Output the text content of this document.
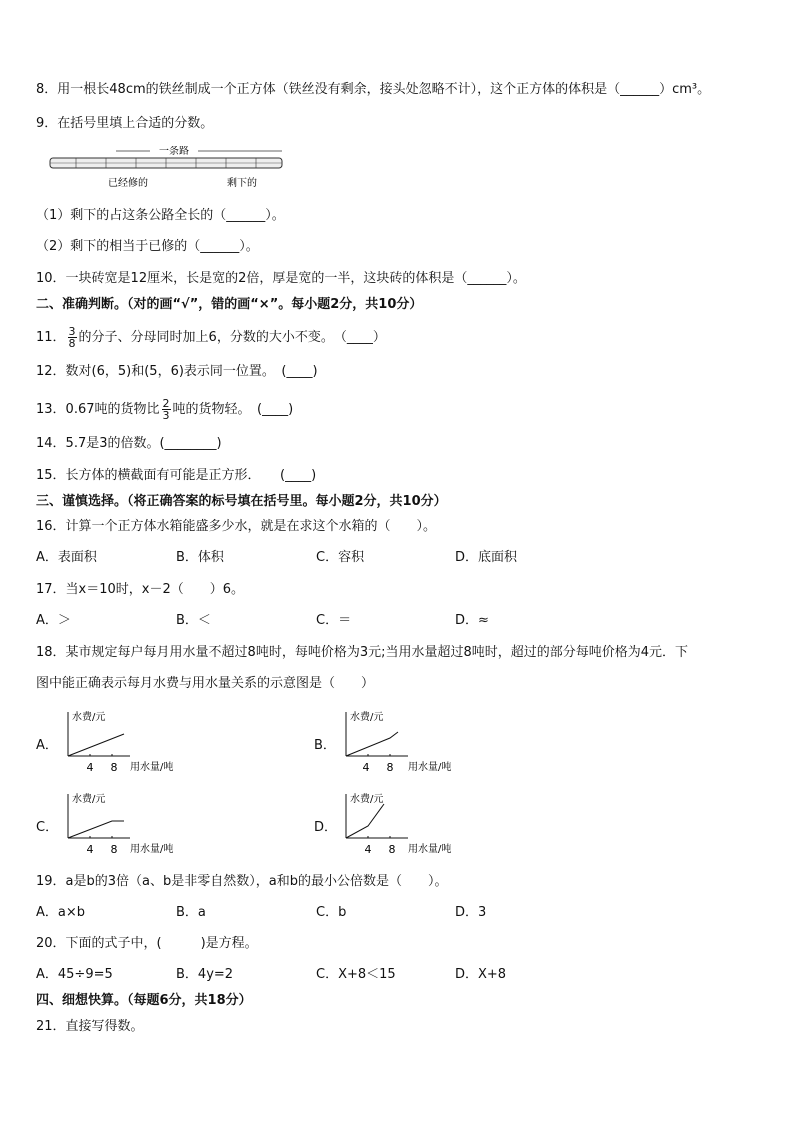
8．用一根长48cm的铁丝制成一个正方体（铁丝没有剩余，接头处忽略不计），这个正方体的体积是（______）cm³。
9．在括号里填上合适的分数。
一条路
已经修的	剩下的
（1）剩下的占这条公路全长的（______）。
（2）剩下的相当于已修的（______）。
10．一块砖宽是12厘米，长是宽的2倍，厚是宽的一半，这块砖的体积是（______）。
二、准确判断。（对的画“√”，错的画“×”。每小题2分，共10分）
11． $\frac{3}{8}$ 的分子、分母同时加上6，分数的大小不变。　（____）
12．数对(6，5)和(5，6)表示同一位置。　(____)
13．0.67吨的货物比 $\frac{2}{3}$ 吨的货物轻。　(____)
14．5.7是3的倍数。(________)
15．长方体的横截面有可能是正方形．　　(____)
三、谨慎选择。（将正确答案的标号填在括号里。每小题2分，共10分）
16．计算一个正方体水箱能盛多少水，就是在求这个水箱的（　　）。
A．表面积	B．体积	C．容积	D．底面积
17．当x＝10时，x－2（　　）6。
A．＞	B．＜	C．＝	D．≈
18．某市规定每户每月用水量不超过8吨时，每吨价格为3元;当用水量超过8吨时，超过的部分每吨价格为4元．下
图中能正确表示每月水费与用水量关系的示意图是（　　）
A．
水费/元
4 8 用水量/吨
B．
水费/元
4 8 用水量/吨
C．
水费/元
4 8 用水量/吨
D．
水费/元
4 8 用水量/吨
19．a是b的3倍（a、b是非零自然数），a和b的最小公倍数是（　　）。
A．a×b	B．a	C．b	D．3
20．下面的式子中，(　　　)是方程。
A．45÷9=5	B．4y=2	C．X+8＜15	D．X+8
四、细想快算。（每题6分，共18分）
21．直接写得数。
